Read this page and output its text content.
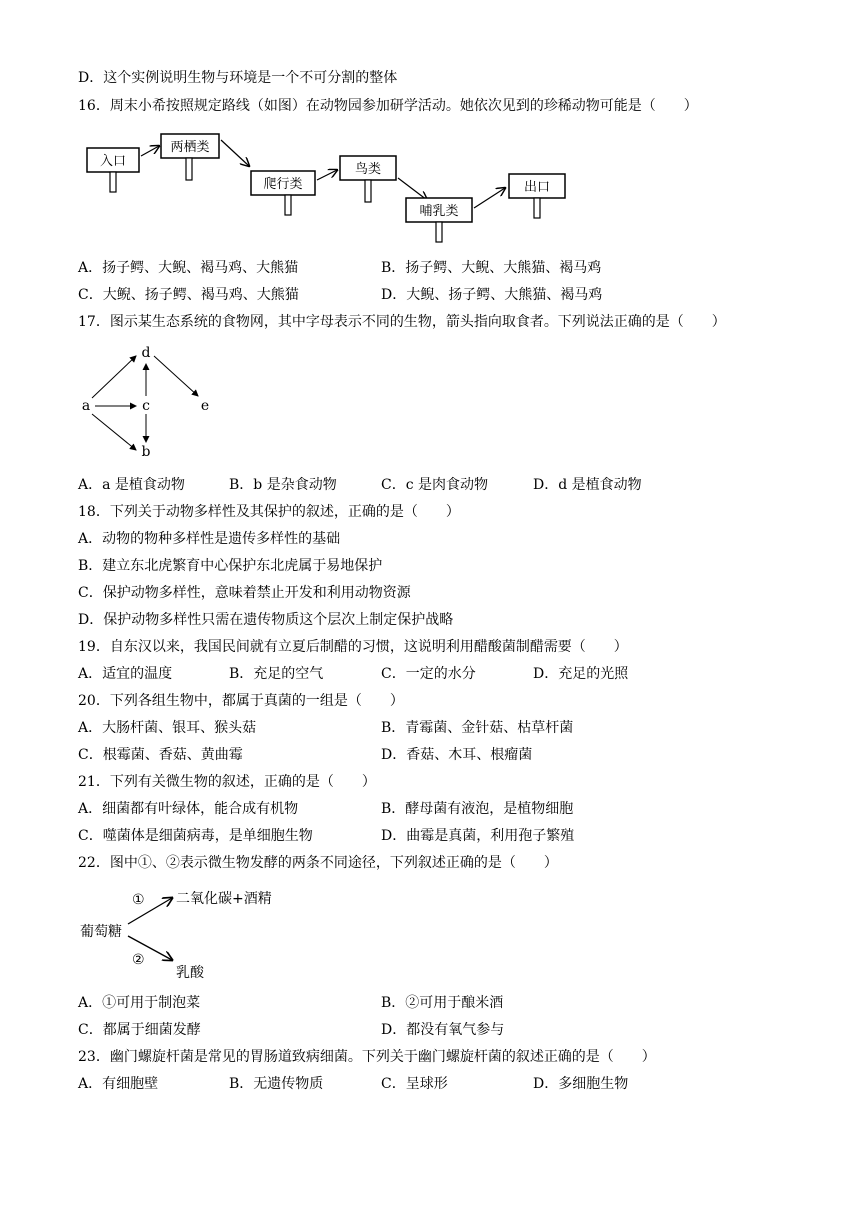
D．这个实例说明生物与环境是一个不可分割的整体
16．周末小希按照规定路线（如图）在动物园参加研学活动。她依次见到的珍稀动物可能是（　　）
入口
两栖类
爬行类
鸟类
哺乳类
出口
A．扬子鳄、大鲵、褐马鸡、大熊猫	B．扬子鳄、大鲵、大熊猫、褐马鸡
C．大鲵、扬子鳄、褐马鸡、大熊猫	D．大鲵、扬子鳄、大熊猫、褐马鸡
17．图示某生态系统的食物网，其中字母表示不同的生物，箭头指向取食者。下列说法正确的是（　　）
d
a	c	e
b
A．a 是植食动物	B．b 是杂食动物	C．c 是肉食动物	D．d 是植食动物
18．下列关于动物多样性及其保护的叙述，正确的是（　　）
A．动物的物种多样性是遗传多样性的基础
B．建立东北虎繁育中心保护东北虎属于易地保护
C．保护动物多样性，意味着禁止开发和利用动物资源
D．保护动物多样性只需在遗传物质这个层次上制定保护战略
19．自东汉以来，我国民间就有立夏后制醋的习惯，这说明利用醋酸菌制醋需要（　　）
A．适宜的温度	B．充足的空气	C．一定的水分	D．充足的光照
20．下列各组生物中，都属于真菌的一组是（　　）
A．大肠杆菌、银耳、猴头菇	B．青霉菌、金针菇、枯草杆菌
C．根霉菌、香菇、黄曲霉	D．香菇、木耳、根瘤菌
21．下列有关微生物的叙述，正确的是（　　）
A．细菌都有叶绿体，能合成有机物	B．酵母菌有液泡，是植物细胞
C．噬菌体是细菌病毒，是单细胞生物	D．曲霉是真菌，利用孢子繁殖
22．图中①、②表示微生物发酵的两条不同途径，下列叙述正确的是（　　）
葡萄糖
① 二氧化碳+酒精
②
乳酸
A．①可用于制泡菜	B．②可用于酿米酒
C．都属于细菌发酵	D．都没有氧气参与
23．幽门螺旋杆菌是常见的胃肠道致病细菌。下列关于幽门螺旋杆菌的叙述正确的是（　　）
A．有细胞壁	B．无遗传物质	C．呈球形	D．多细胞生物
